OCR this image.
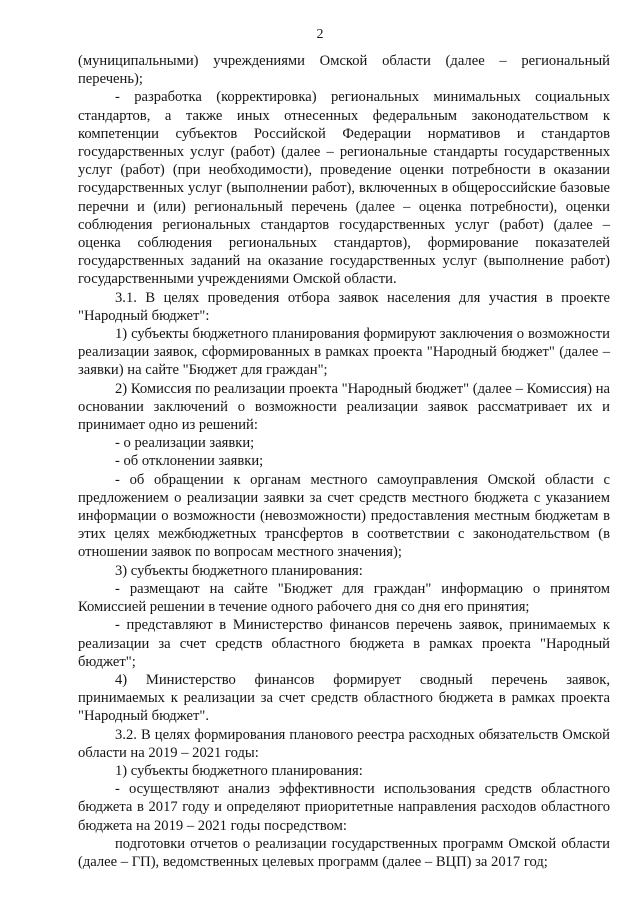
2

(муниципальными) учреждениями Омской области (далее – региональный перечень);

- разработка (корректировка) региональных минимальных социальных стандартов, а также иных отнесенных федеральным законодательством к компетенции субъектов Российской Федерации нормативов и стандартов государственных услуг (работ) (далее – региональные стандарты государственных услуг (работ) (при необходимости), проведение оценки потребности в оказании государственных услуг (выполнении работ), включенных в общероссийские базовые перечни и (или) региональный перечень (далее – оценка потребности), оценки соблюдения региональных стандартов государственных услуг (работ) (далее – оценка соблюдения региональных стандартов), формирование показателей государственных заданий на оказание государственных услуг (выполнение работ) государственными учреждениями Омской области.

3.1. В целях проведения отбора заявок населения для участия в проекте "Народный бюджет":

1) субъекты бюджетного планирования формируют заключения о возможности реализации заявок, сформированных в рамках проекта "Народный бюджет" (далее – заявки) на сайте "Бюджет для граждан";

2) Комиссия по реализации проекта "Народный бюджет" (далее – Комиссия) на основании заключений о возможности реализации заявок рассматривает их и принимает одно из решений:

- о реализации заявки;

- об отклонении заявки;

- об обращении к органам местного самоуправления Омской области с предложением о реализации заявки за счет средств местного бюджета с указанием информации о возможности (невозможности) предоставления местным бюджетам в этих целях межбюджетных трансфертов в соответствии с законодательством (в отношении заявок по вопросам местного значения);

3) субъекты бюджетного планирования:

- размещают на сайте "Бюджет для граждан" информацию о принятом Комиссией решении в течение одного рабочего дня со дня его принятия;

- представляют в Министерство финансов перечень заявок, принимаемых к реализации за счет средств областного бюджета в рамках проекта "Народный бюджет";

4) Министерство финансов формирует сводный перечень заявок, принимаемых к реализации за счет средств областного бюджета в рамках проекта "Народный бюджет".

3.2. В целях формирования планового реестра расходных обязательств Омской области на 2019 – 2021 годы:

1) субъекты бюджетного планирования:

- осуществляют анализ эффективности использования средств областного бюджета в 2017 году и определяют приоритетные направления расходов областного бюджета на 2019 – 2021 годы посредством:

подготовки отчетов о реализации государственных программ Омской области (далее – ГП), ведомственных целевых программ (далее – ВЦП) за 2017 год;
